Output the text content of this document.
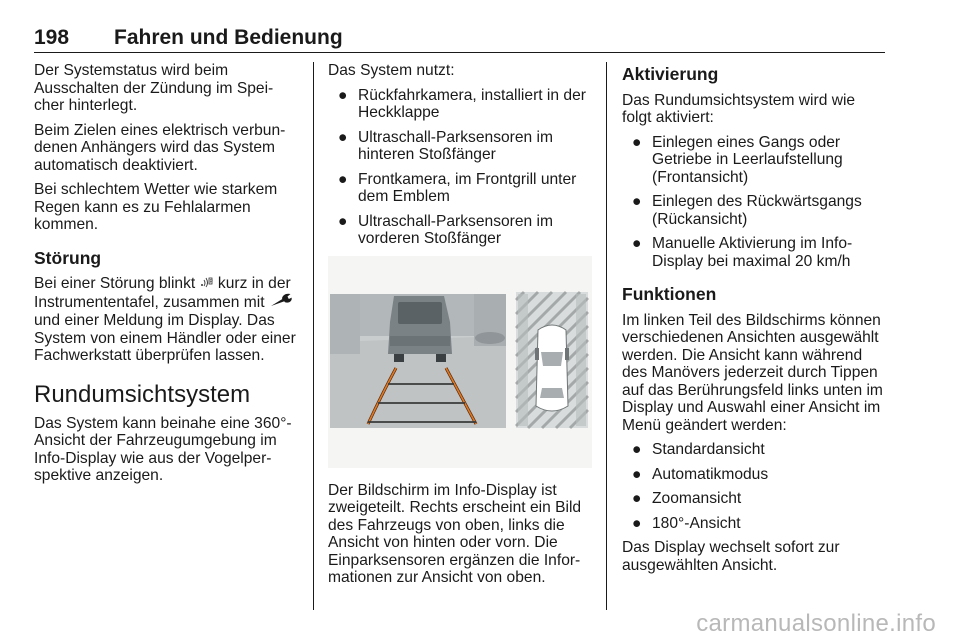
198 Fahren und Bedienung

Der Systemstatus wird beim Ausschalten der Zündung im Spei-cher hinterlegt.

Beim Zielen eines elektrisch verbun-denen Anhängers wird das System automatisch deaktiviert.

Bei schlechtem Wetter wie starkem Regen kann es zu Fehlalarmen kommen.

Störung

Bei einer Störung blinkt	P kurz in der Instrumententafel, zusammen mit  und einer Meldung im Display. Das System von einem Händler oder einer Fachwerkstatt überprüfen lassen.

Rundumsichtsystem

Das System kann beinahe eine 360°-Ansicht der Fahrzeugumgebung im Info-Display wie aus der Vogelper-spektive anzeigen.

Das System nutzt:

● Rückfahrkamera, installiert in der Heckklappe
● Ultraschall-Parksensoren im hinteren Stoßfänger
● Frontkamera, im Frontgrill unter dem Emblem
● Ultraschall-Parksensoren im vorderen Stoßfänger

Der Bildschirm im Info-Display ist zweigeteilt. Rechts erscheint ein Bild des Fahrzeugs von oben, links die Ansicht von hinten oder vorn. Die Einparksensoren ergänzen die Infor-mationen zur Ansicht von oben.

Aktivierung

Das Rundumsichtsystem wird wie folgt aktiviert:

● Einlegen eines Gangs oder Getriebe in Leerlaufstellung (Frontansicht)
● Einlegen des Rückwärtsgangs (Rückansicht)
● Manuelle Aktivierung im Info-Display bei maximal 20 km/h
Funktionen

Im linken Teil des Bildschirms können verschiedenen Ansichten ausgewählt werden. Die Ansicht kann während des Manövers jederzeit durch Tippen auf das Berührungsfeld links unten im Display und Auswahl einer Ansicht im Menü geändert werden:

● Standardansicht
● Automatikmodus
● Zoomansicht
● 180°-Ansicht

Das Display wechselt sofort zur ausgewählten Ansicht.

carmanualsonline.info
